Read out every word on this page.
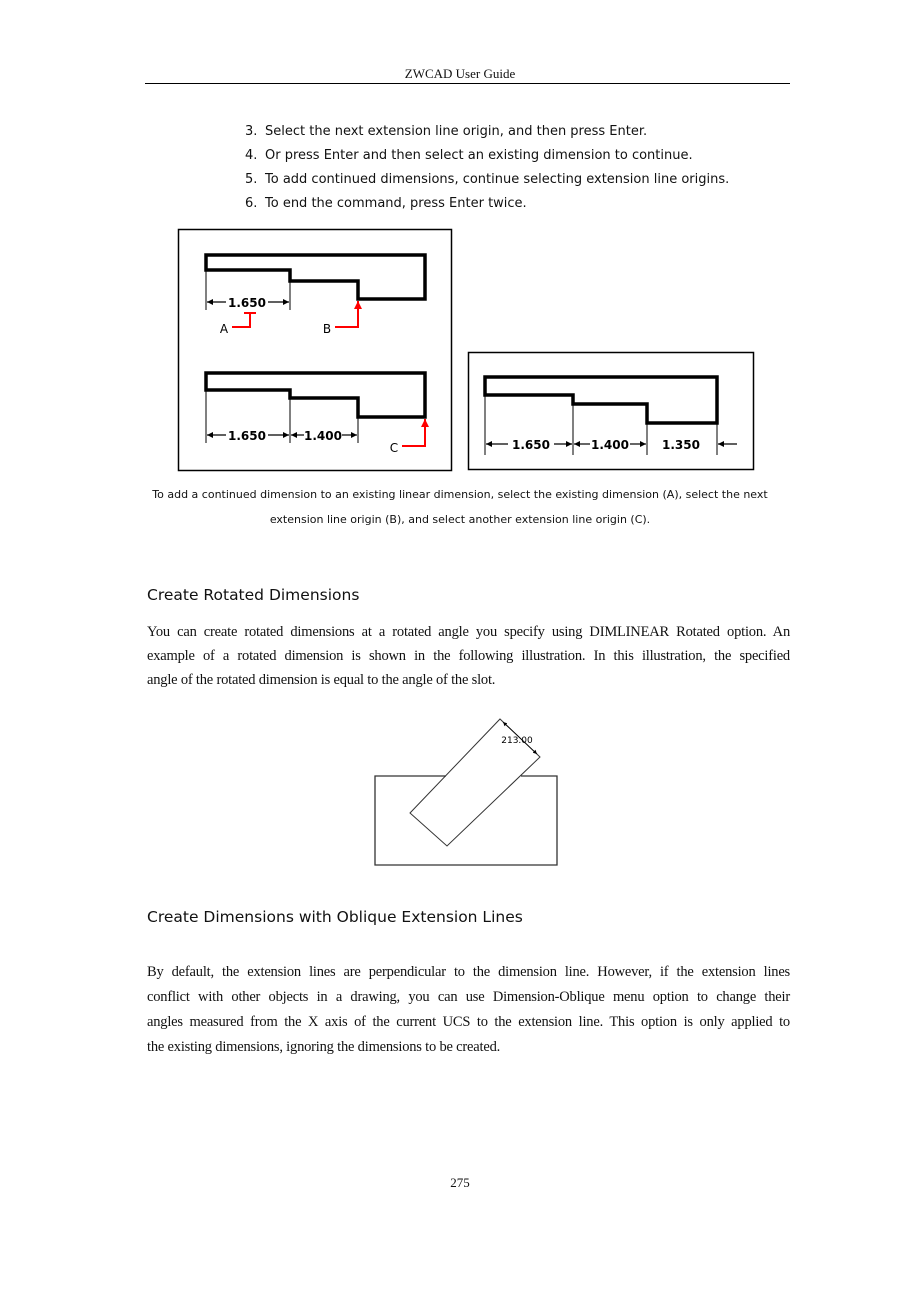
ZWCAD User Guide
3. Select the next extension line origin, and then press Enter.
4. Or press Enter and then select an existing dimension to continue.
5. To add continued dimensions, continue selecting extension line origins.
6. To end the command, press Enter twice.
1.650
A	B
1.650	1.400
C	1.650	1.400	1.350
213.00
To add a continued dimension to an existing linear dimension, select the existing dimension (A), select the next
extension line origin (B), and select another extension line origin (C).
Create Rotated Dimensions
You can create rotated dimensions at a rotated angle you specify using DIMLINEAR Rotated option. An
example of a rotated dimension is shown in the following illustration. In this illustration, the specified
angle of the rotated dimension is equal to the angle of the slot.
Create Dimensions with Oblique Extension Lines
By default, the extension lines are perpendicular to the dimension line. However, if the extension lines
conflict with other objects in a drawing, you can use Dimension-Oblique menu option to change their
angles measured from the X axis of the current UCS to the extension line. This option is only applied to
the existing dimensions, ignoring the dimensions to be created.
275
